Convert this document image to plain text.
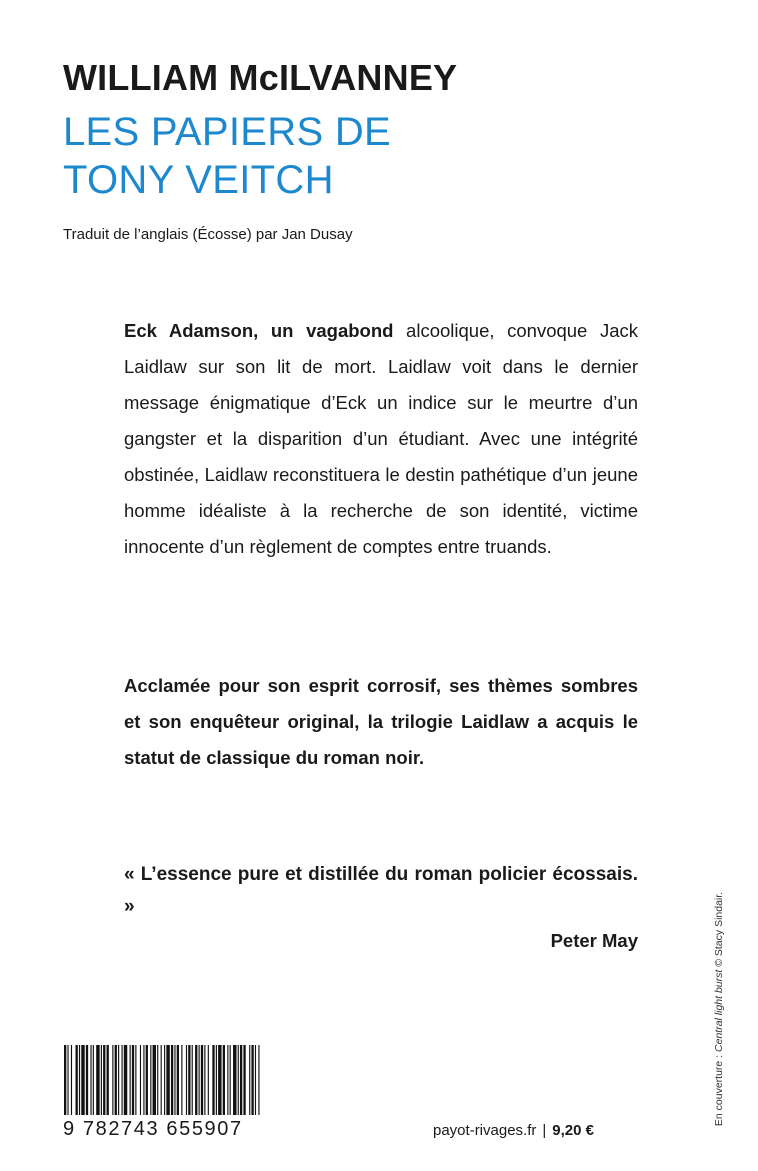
WILLIAM McILVANNEY
LES PAPIERS DE
TONY VEITCH
Traduit de l’anglais (Écosse) par Jan Dusay
Eck Adamson, un vagabond alcoolique, convoque Jack Laidlaw sur son lit de mort. Laidlaw voit dans le dernier message énigmatique d’Eck un indice sur le meurtre d’un gangster et la disparition d’un étudiant. Avec une intégrité obstinée, Laidlaw reconstituera le destin pathétique d’un jeune homme idéaliste à la recherche de son identité, victime innocente d’un règlement de comptes entre truands.
Acclamée pour son esprit corrosif, ses thèmes sombres et son enquêteur original, la trilogie Laidlaw a acquis le statut de classique du roman noir.
« L’essence pure et distillée du roman policier écossais. »
Peter May
En couverture : Central light burst © Stacy Sindair.
9 782743 655907	payot-rivages.fr | 9,20 €
